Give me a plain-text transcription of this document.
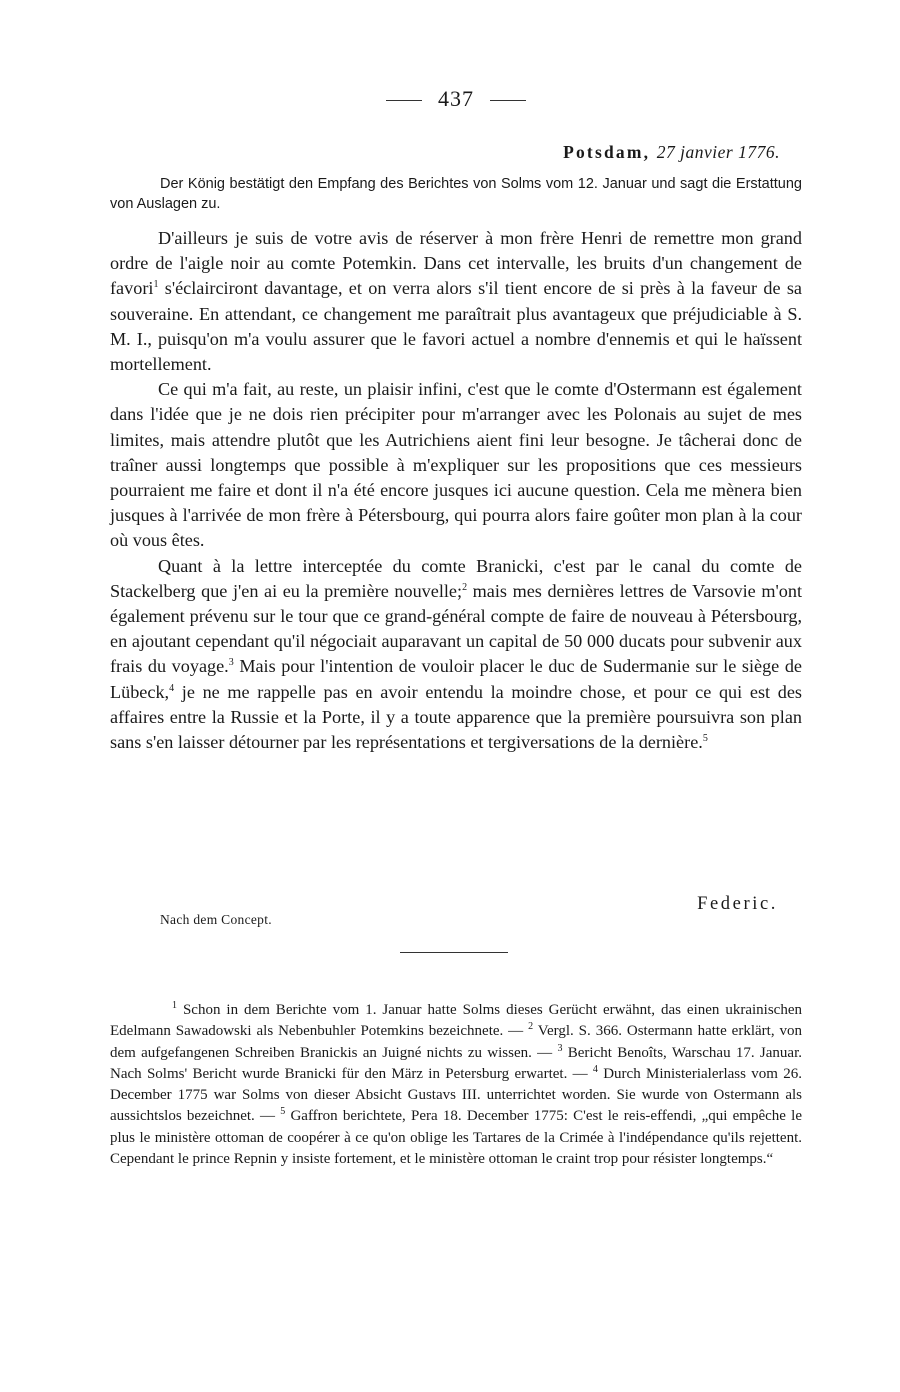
437
Potsdam, 27 janvier 1776.
Der König bestätigt den Empfang des Berichtes von Solms vom 12. Januar und sagt die Erstattung von Auslagen zu.

D'ailleurs je suis de votre avis de réserver à mon frère Henri de remettre mon grand ordre de l'aigle noir au comte Potemkin. Dans cet intervalle, les bruits d'un changement de favori$^1$ s'éclairciront davantage, et on verra alors s'il tient encore de si près à la faveur de sa souveraine. En attendant, ce changement me paraîtrait plus avantageux que préjudiciable à S. M. I., puisqu'on m'a voulu assurer que le favori actuel a nombre d'ennemis et qui le haïssent mortellement.

Ce qui m'a fait, au reste, un plaisir infini, c'est que le comte d'Ostermann est également dans l'idée que je ne dois rien précipiter pour m'arranger avec les Polonais au sujet de mes limites, mais attendre plutôt que les Autrichiens aient fini leur besogne. Je tâcherai donc de traîner aussi longtemps que possible à m'expliquer sur les propositions que ces messieurs pourraient me faire et dont il n'a été encore jusques ici aucune question. Cela me mènera bien jusques à l'arrivée de mon frère à Pétersbourg, qui pourra alors faire goûter mon plan à la cour où vous êtes.

Quant à la lettre interceptée du comte Branicki, c'est par le canal du comte de Stackelberg que j'en ai eu la première nouvelle;$^2$ mais mes dernières lettres de Varsovie m'ont également prévenu sur le tour que ce grand-général compte de faire de nouveau à Pétersbourg, en ajoutant cependant qu'il négociait auparavant un capital de 50 000 ducats pour subvenir aux frais du voyage.$^3$ Mais pour l'intention de vouloir placer le duc de Sudermanie sur le siège de Lübeck,$^4$ je ne me rappelle pas en avoir entendu la moindre chose, et pour ce qui est des affaires entre la Russie et la Porte, il y a toute apparence que la première poursuivra son plan sans s'en laisser détourner par les représentations et tergiversations de la dernière.$^5$

Federic.
Nach dem Concept.
$^1$ Schon in dem Berichte vom 1. Januar hatte Solms dieses Gerücht erwähnt, das einen ukrainischen Edelmann Sawadowski als Nebenbuhler Potemkins bezeichnete. — $^2$ Vergl. S. 366. Ostermann hatte erklärt, von dem aufgefangenen Schreiben Branickis an Juigné nichts zu wissen. — $^3$ Bericht Benoîts, Warschau 17. Januar. Nach Solms' Bericht wurde Branicki für den März in Petersburg erwartet. — $^4$ Durch Ministerialerlass vom 26. December 1775 war Solms von dieser Absicht Gustavs III. unterrichtet worden. Sie wurde von Ostermann als aussichtslos bezeichnet. — $^5$ Gaffron berichtete, Pera 18. December 1775: C'est le reis-effendi, „qui empêche le plus le ministère ottoman de coopérer à ce qu'on oblige les Tartares de la Crimée à l'indépendance qu'ils rejettent. Cependant le prince Repnin y insiste fortement, et le ministère ottoman le craint trop pour résister longtemps.“
